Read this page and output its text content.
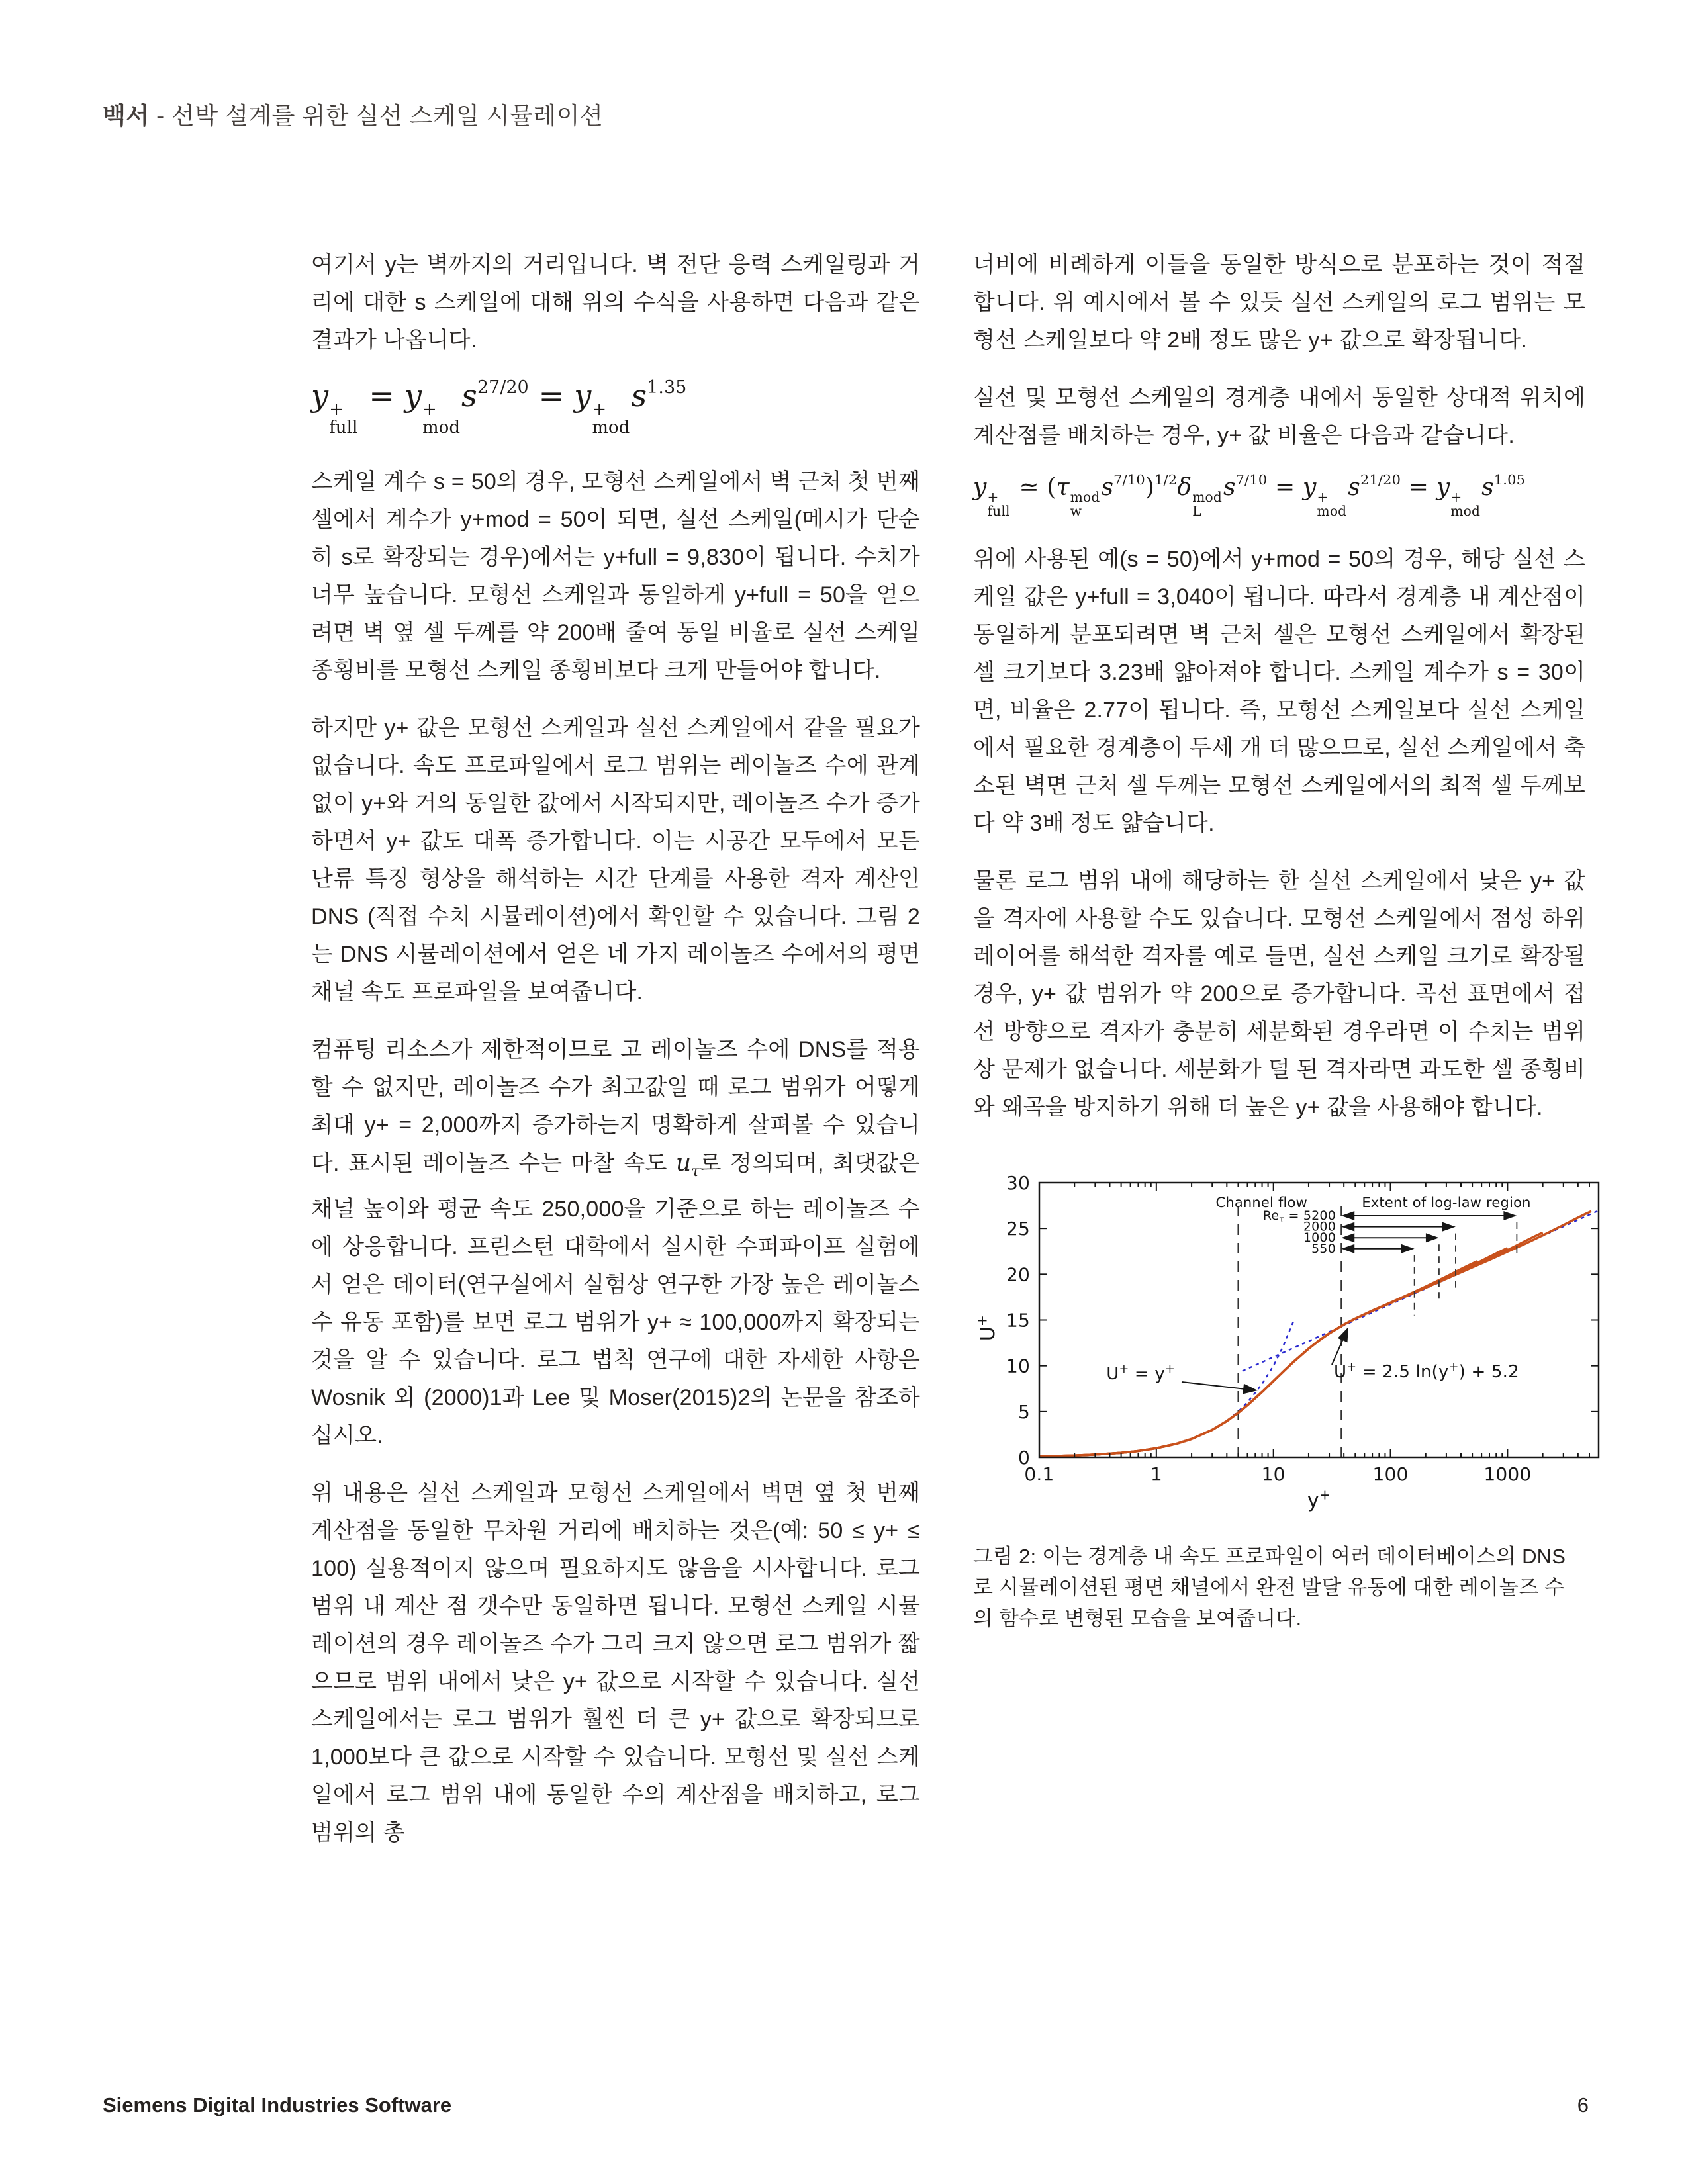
백서 - 선박 설계를 위한 실선 스케일 시뮬레이션

여기서 y는 벽까지의 거리입니다. 벽 전단 응력 스케일링과 거리에 대한 s 스케일에 대해 위의 수식을 사용하면 다음과 같은 결과가 나옵니다.

y +
full
= y +
mod
$s^{27/20} = y$ +
mod
$s^{1.35}$

스케일 계수 s = 50의 경우, 모형선 스케일에서 벽 근처 첫 번째 셀에서 계수가 y+mod = 50이 되면, 실선 스케일(메시가 단순히 s로 확장되는 경우)에서는 y+full = 9,830이 됩니다. 수치가 너무 높습니다. 모형선 스케일과 동일하게 y+full = 50을 얻으려면 벽 옆 셀 두께를 약 200배 줄여 동일 비율로 실선 스케일 종횡비를 모형선 스케일 종횡비보다 크게 만들어야 합니다.

하지만 y+ 값은 모형선 스케일과 실선 스케일에서 같을 필요가 없습니다. 속도 프로파일에서 로그 범위는 레이놀즈 수에 관계없이 y+와 거의 동일한 값에서 시작되지만, 레이놀즈 수가 증가하면서 y+ 값도 대폭 증가합니다. 이는 시공간 모두에서 모든 난류 특징 형상을 해석하는 시간 단계를 사용한 격자 계산인 DNS (직접 수치 시뮬레이션)에서 확인할 수 있습니다. 그림 2는 DNS 시뮬레이션에서 얻은 네 가지 레이놀즈 수에서의 평면 채널 속도 프로파일을 보여줍니다.

컴퓨팅 리소스가 제한적이므로 고 레이놀즈 수에 DNS를 적용할 수 없지만, 레이놀즈 수가 최고값일 때 로그 범위가 어떻게 최대 y+ = 2,000까지 증가하는지 명확하게 살펴볼 수 있습니다. 표시된 레이놀즈 수는 마찰 속도 $u_\tau$로 정의되며, 최댓값은 채널 높이와 평균 속도 250,000을 기준으로 하는 레이놀즈 수에 상응합니다. 프린스턴 대학에서 실시한 수퍼파이프 실험에서 얻은 데이터(연구실에서 실험상 연구한 가장 높은 레이놀스 수 유동 포함)를 보면 로그 범위가 y+ ≈ 100,000까지 확장되는 것을 알 수 있습니다. 로그 법칙 연구에 대한 자세한 사항은 Wosnik 외 (2000)1과 Lee 및 Moser(2015)2의 논문을 참조하십시오.

위 내용은 실선 스케일과 모형선 스케일에서 벽면 옆 첫 번째 계산점을 동일한 무차원 거리에 배치하는 것은(예: 50 ≤ y+ ≤ 100) 실용적이지 않으며 필요하지도 않음을 시사합니다. 로그 범위 내 계산 점 갯수만 동일하면 됩니다. 모형선 스케일 시뮬레이션의 경우 레이놀즈 수가 그리 크지 않으면 로그 범위가 짧으므로 범위 내에서 낮은 y+ 값으로 시작할 수 있습니다. 실선 스케일에서는 로그 범위가 훨씬 더 큰 y+ 값으로 확장되므로 1,000보다 큰 값으로 시작할 수 있습니다. 모형선 및 실선 스케일에서 로그 범위 내에 동일한 수의 계산점을 배치하고, 로그 범위의 총

너비에 비례하게 이들을 동일한 방식으로 분포하는 것이 적절합니다. 위 예시에서 볼 수 있듯 실선 스케일의 로그 범위는 모형선 스케일보다 약 2배 정도 많은 y+ 값으로 확장됩니다.

실선 및 모형선 스케일의 경계층 내에서 동일한 상대적 위치에 계산점를 배치하는 경우, y+ 값 비율은 다음과 같습니다.

y +
full
≃ (τ mod
w
$s^{7/10})^{1/2}\delta$ mod
L
$s^{7/10} = y$ +
mod
$s^{21/20} = y$ +
mod
$s^{1.05}$

위에 사용된 예(s = 50)에서 y+mod = 50의 경우, 해당 실선 스케일 값은 y+full = 3,040이 됩니다. 따라서 경계층 내 계산점이 동일하게 분포되려면 벽 근처 셀은 모형선 스케일에서 확장된 셀 크기보다 3.23배 얇아져야 합니다. 스케일 계수가 s = 30이면, 비율은 2.77이 됩니다. 즉, 모형선 스케일보다 실선 스케일에서 필요한 경계층이 두세 개 더 많으므로, 실선 스케일에서 축소된 벽면 근처 셀 두께는 모형선 스케일에서의 최적 셀 두께보다 약 3배 정도 얇습니다.

물론 로그 범위 내에 해당하는 한 실선 스케일에서 낮은 y+ 값을 격자에 사용할 수도 있습니다. 모형선 스케일에서 점성 하위 레이어를 해석한 격자를 예로 들면, 실선 스케일 크기로 확장될 경우, y+ 값 범위가 약 200으로 증가합니다. 곡선 표면에서 접선 방향으로 격자가 충분히 세분화된 경우라면 이 수치는 범위상 문제가 없습니다. 세분화가 덜 된 격자라면 과도한 셀 종횡비와 왜곡을 방지하기 위해 더 높은 y+ 값을 사용해야 합니다.

0.1	1	10	100	1000
0
5
10
15
20
25
30
U+
y+
Channel flow	Extent of log-law region
$Re_\tau = 5200$
2000
1000
550
U+ = y+	U+ = 2.5 ln(y+) + 5.2
그림 2: 이는 경계층 내 속도 프로파일이 여러 데이터베이스의 DNS로 시뮬레이션된 평면 채널에서 완전 발달 유동에 대한 레이놀즈 수의 함수로 변형된 모습을 보여줍니다.
Siemens Digital Industries Software	6
